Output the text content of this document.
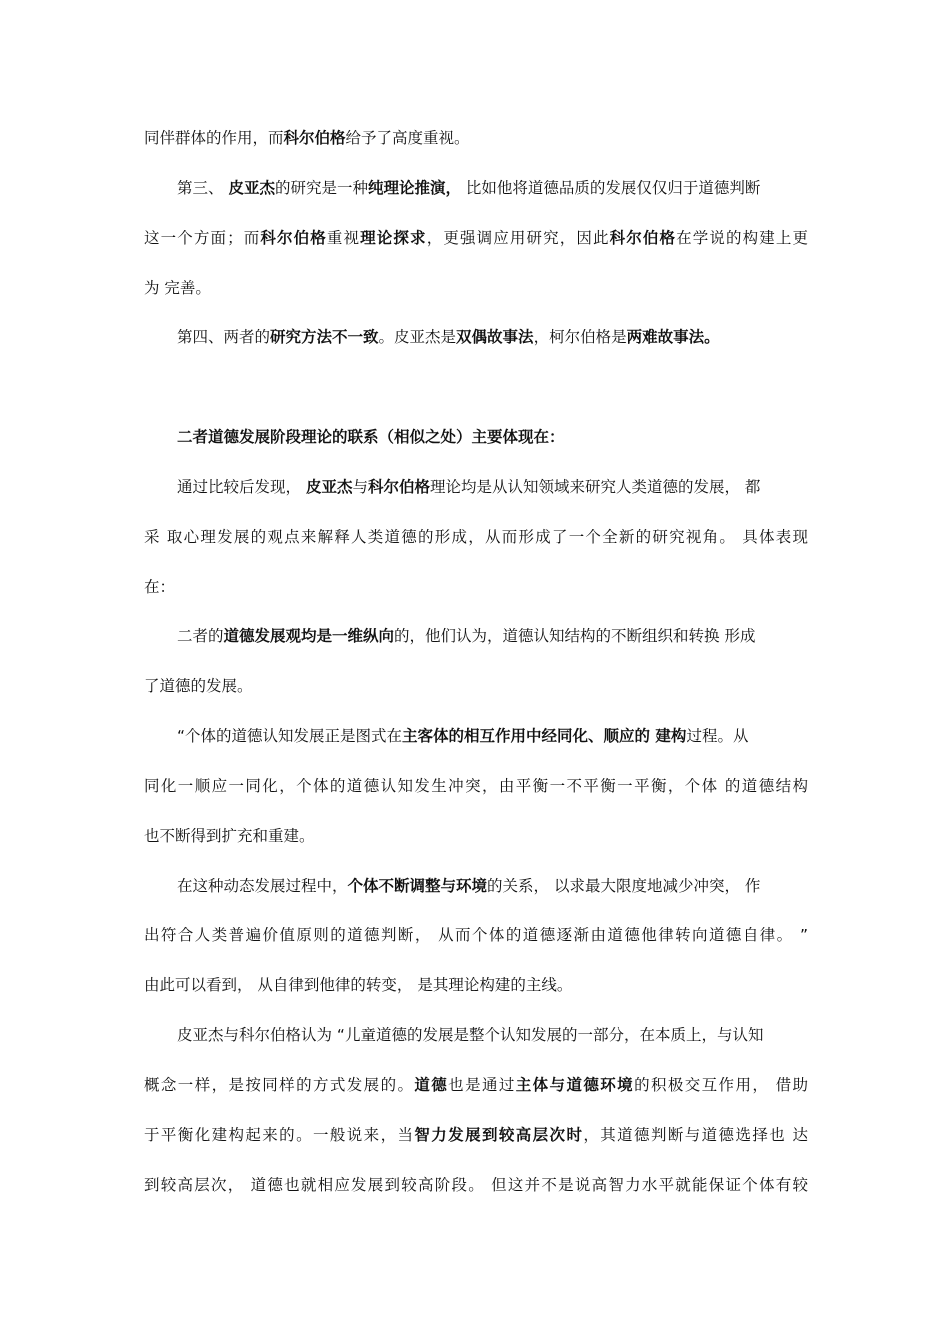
同伴群体的作用，而科尔伯格给予了高度重视。
第三、 皮亚杰的研究是一种纯理论推演， 比如他将道德品质的发展仅仅归于道德判断
这一个方面；而科尔伯格重视理论探求，更强调应用研究，因此科尔伯格在学说的构建上更
为 完善。
第四、两者的研究方法不一致。皮亚杰是双偶故事法，柯尔伯格是两难故事法。
二者道德发展阶段理论的联系（相似之处）主要体现在：
通过比较后发现， 皮亚杰与科尔伯格理论均是从认知领域来研究人类道德的发展， 都
采 取心理发展的观点来解释人类道德的形成，从而形成了一个全新的研究视角。 具体表现
在：
二者的道德发展观均是一维纵向的，他们认为，道德认知结构的不断组织和转换 形成
了道德的发展。
“个体的道德认知发展正是图式在主客体的相互作用中经同化、顺应的 建构过程。从
同化一顺应一同化，个体的道德认知发生冲突，由平衡一不平衡一平衡，个体 的道德结构
也不断得到扩充和重建。
在这种动态发展过程中，个体不断调整与环境的关系， 以求最大限度地减少冲突， 作
出符合人类普遍价值原则的道德判断， 从而个体的道德逐渐由道德他律转向道德自律。 ”
由此可以看到， 从自律到他律的转变， 是其理论构建的主线。
皮亚杰与科尔伯格认为 “儿童道德的发展是整个认知发展的一部分，在本质上，与认知
概念一样，是按同样的方式发展的。道德也是通过主体与道德环境的积极交互作用， 借助
于平衡化建构起来的。一般说来，当智力发展到较高层次时，其道德判断与道德选择也 达
到较高层次， 道德也就相应发展到较高阶段。 但这并不是说高智力水平就能保证个体有较
